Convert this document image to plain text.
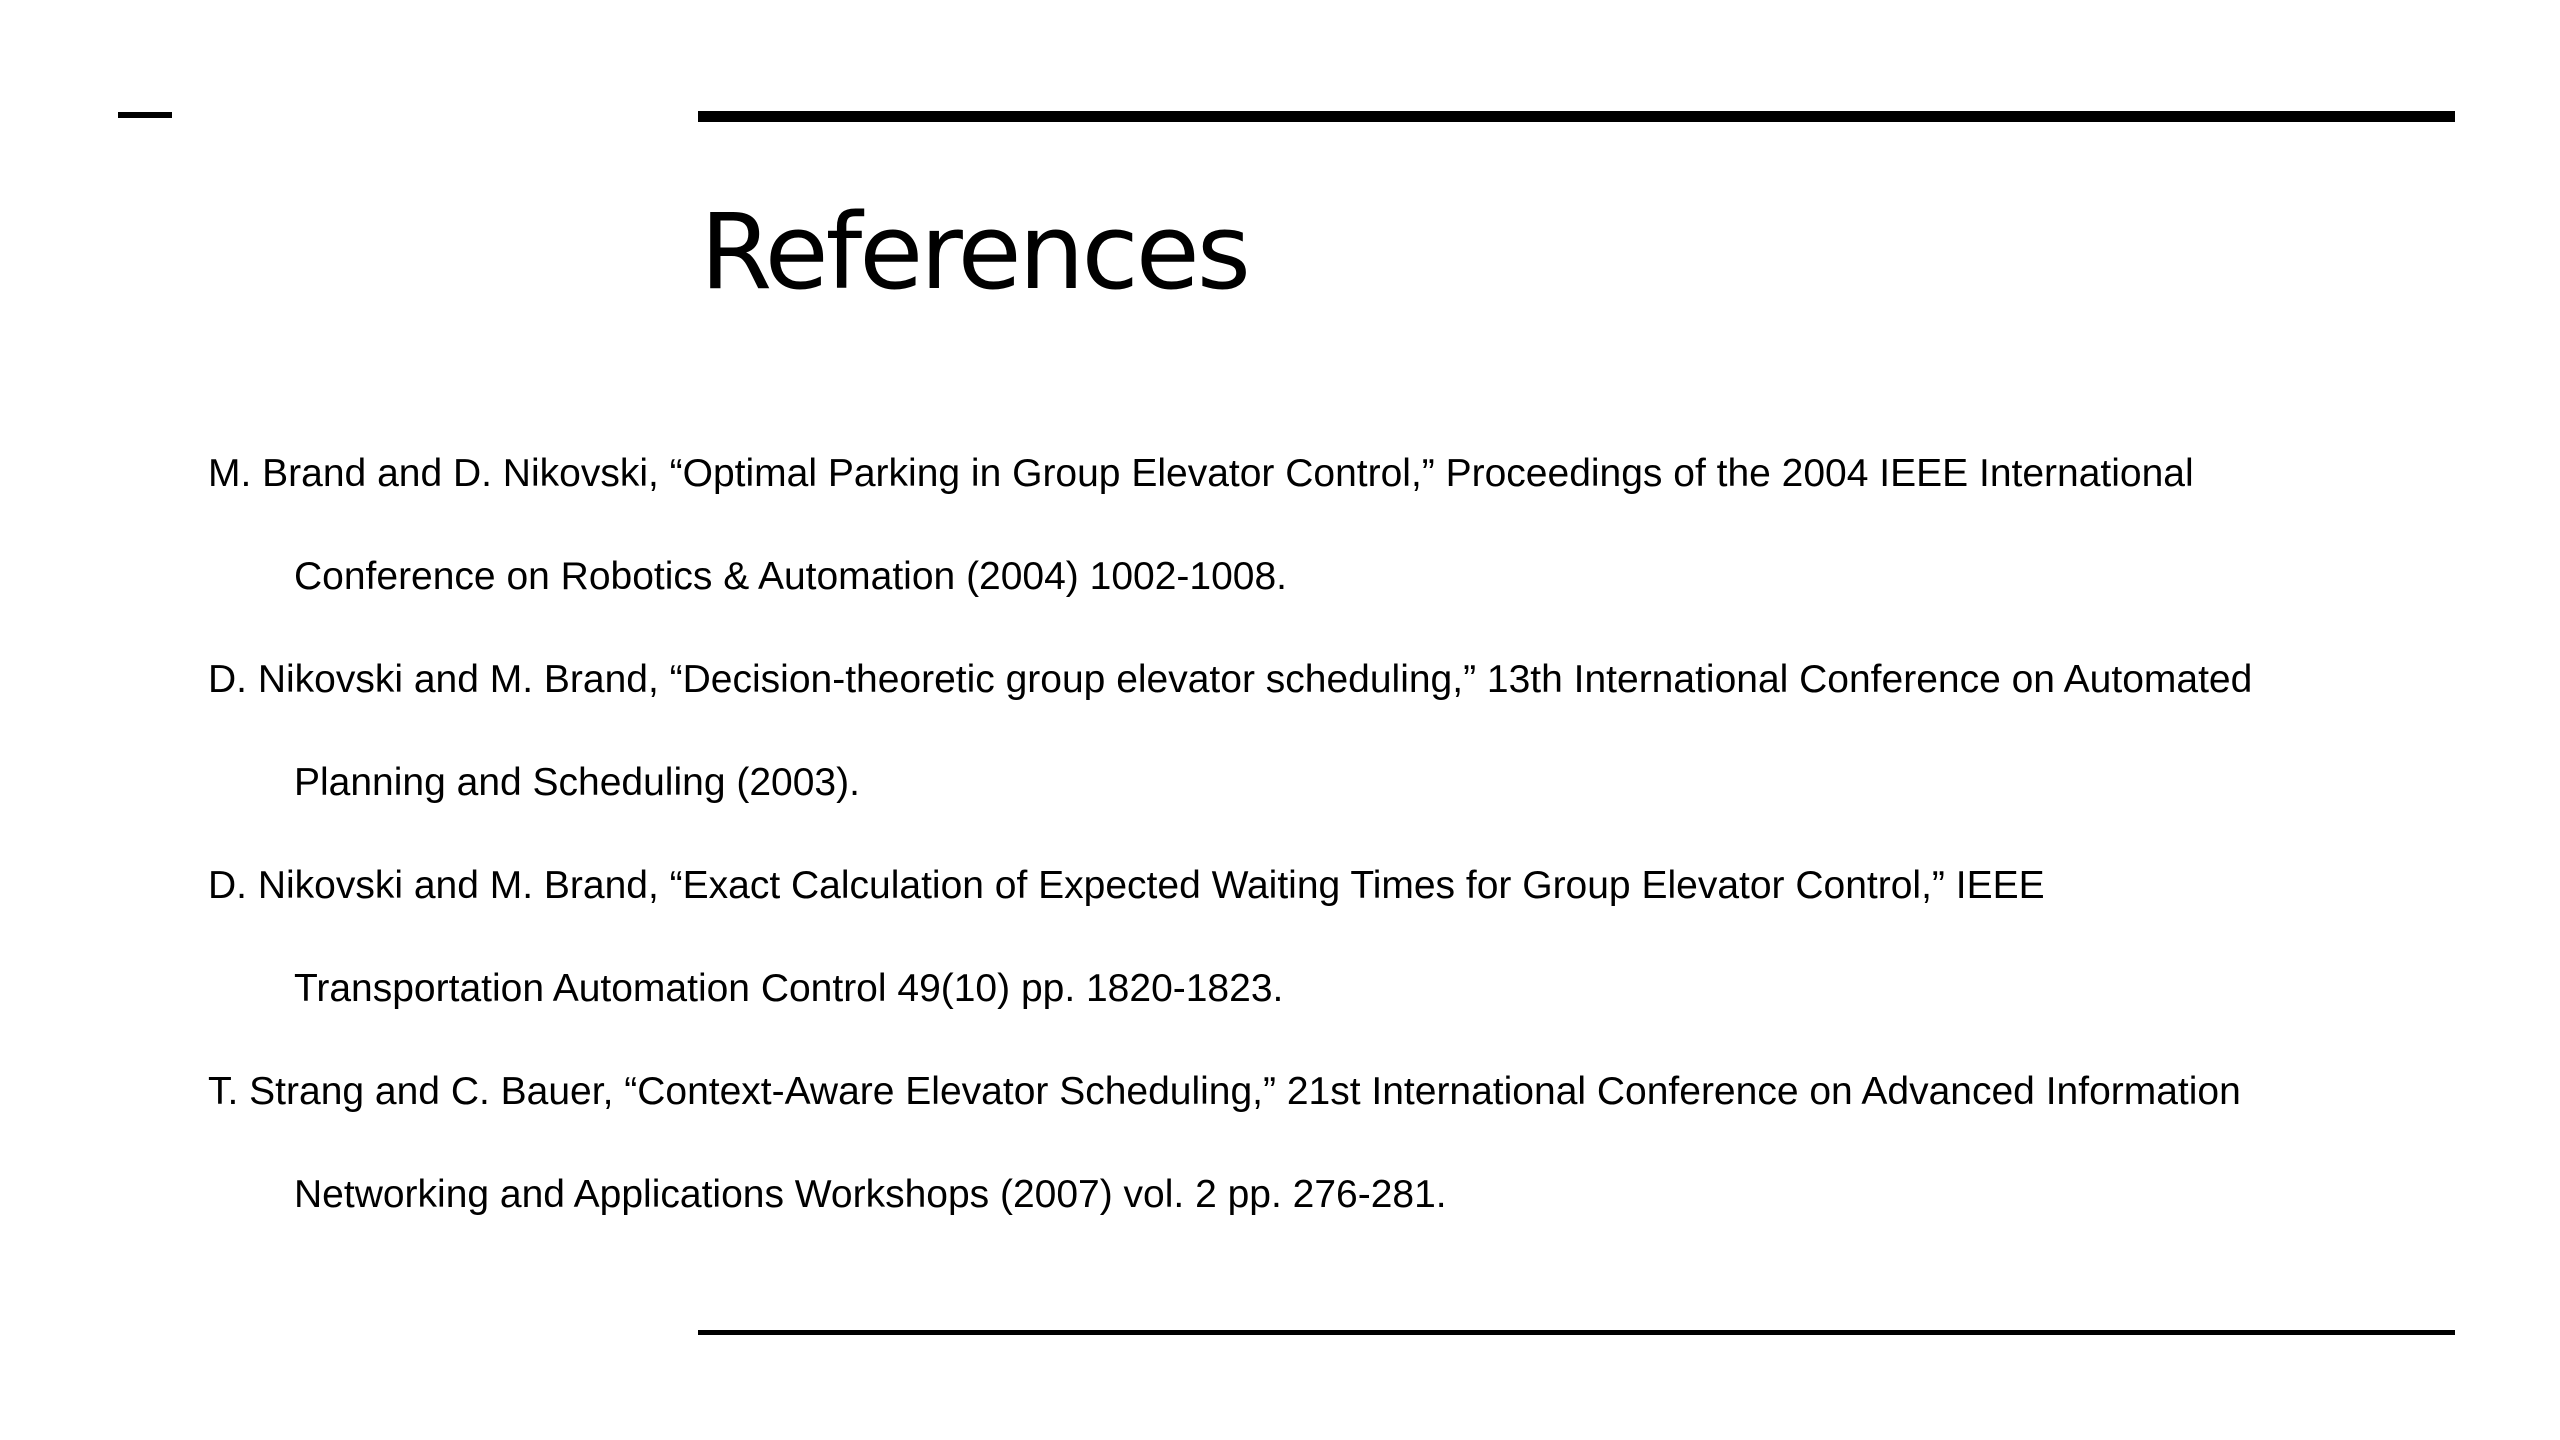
References

M. Brand and D. Nikovski, “Optimal Parking in Group Elevator Control,” Proceedings of the 2004 IEEE International
Conference on Robotics & Automation (2004) 1002-1008.

D. Nikovski and M. Brand, “Decision-theoretic group elevator scheduling,” 13th International Conference on Automated
Planning and Scheduling (2003).

D. Nikovski and M. Brand, “Exact Calculation of Expected Waiting Times for Group Elevator Control,” IEEE
Transportation Automation Control 49(10) pp. 1820-1823.

T. Strang and C. Bauer, “Context-Aware Elevator Scheduling,” 21st International Conference on Advanced Information
Networking and Applications Workshops (2007) vol. 2 pp. 276-281.
